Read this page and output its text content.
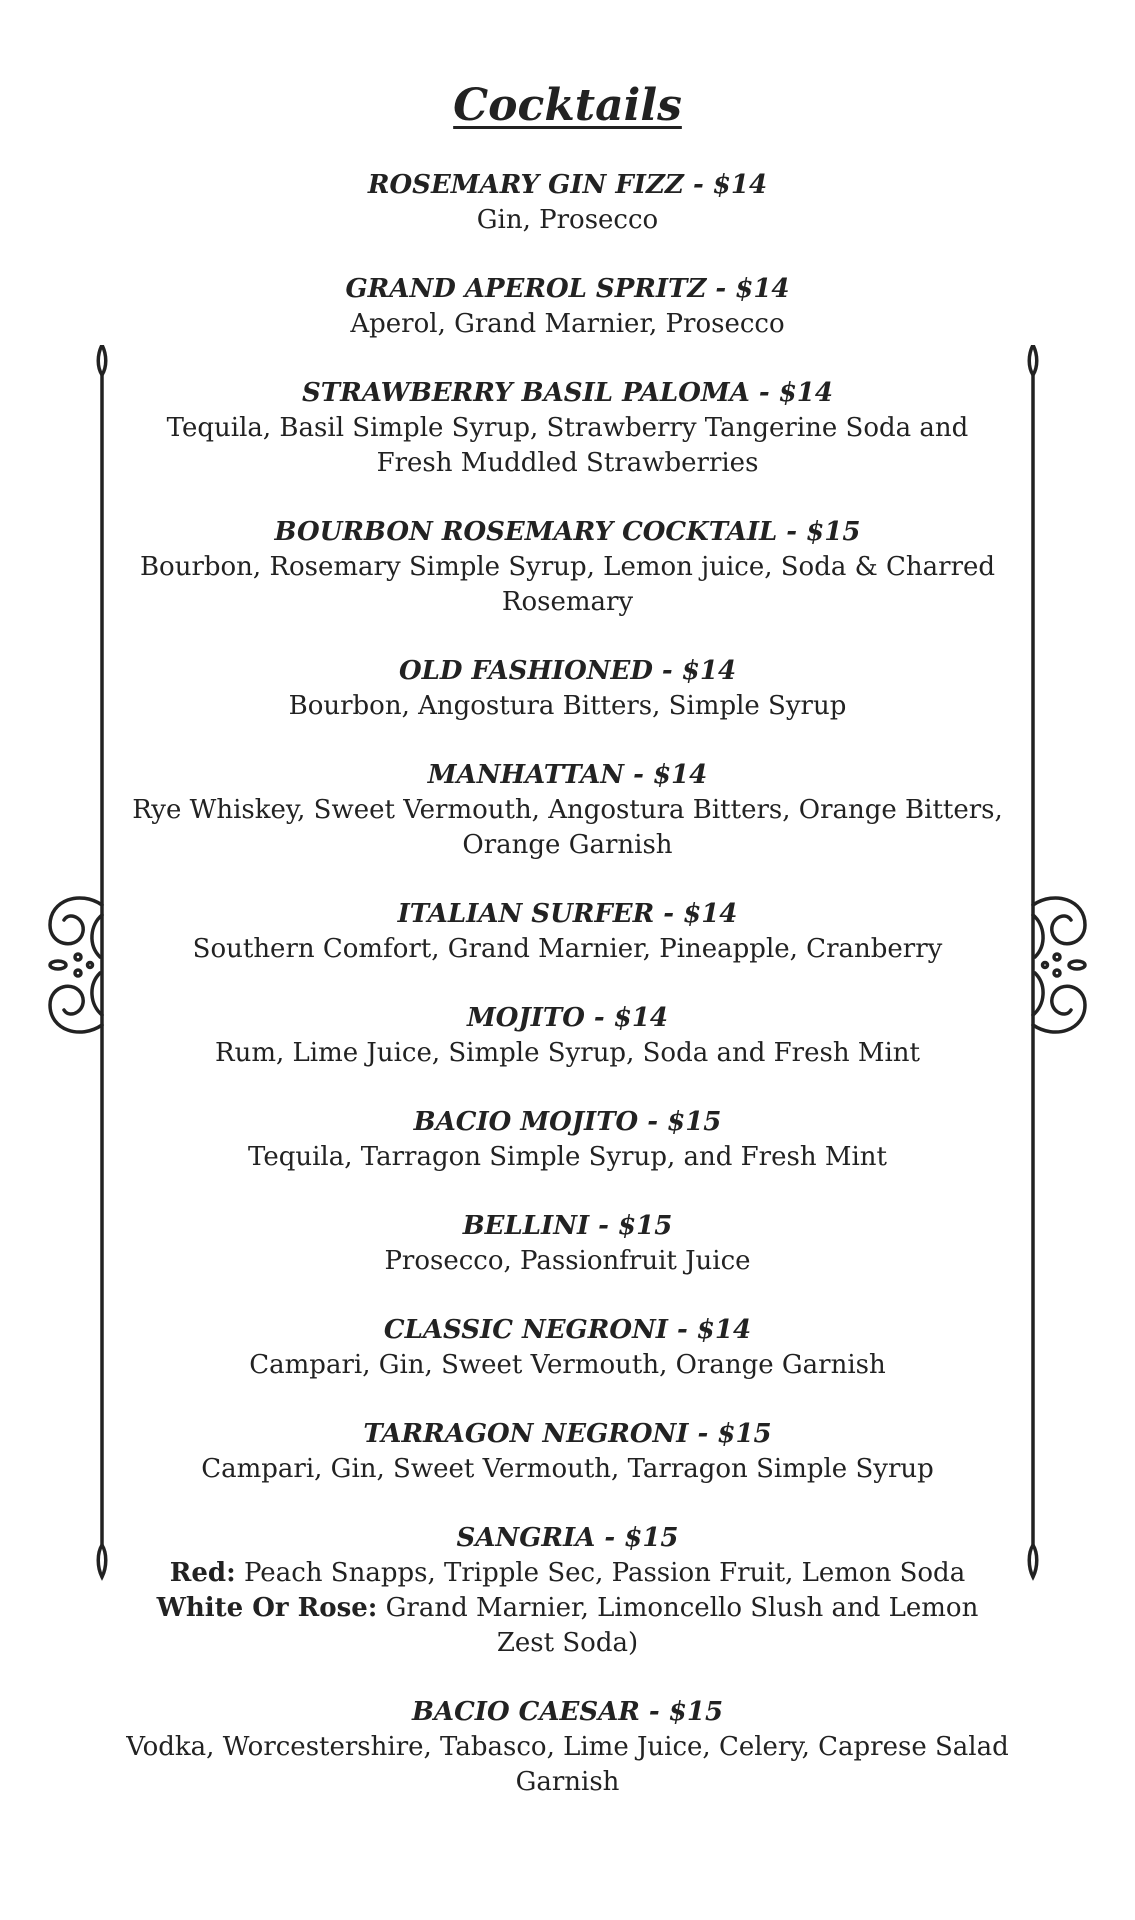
Cocktails
ROSEMARY GIN FIZZ - $14
Gin, Prosecco
GRAND APEROL SPRITZ - $14
Aperol, Grand Marnier, Prosecco
STRAWBERRY BASIL PALOMA - $14
Tequila, Basil Simple Syrup, Strawberry Tangerine Soda and Fresh Muddled Strawberries
BOURBON ROSEMARY COCKTAIL - $15
Bourbon, Rosemary Simple Syrup, Lemon juice, Soda & Charred Rosemary
OLD FASHIONED - $14
Bourbon, Angostura Bitters, Simple Syrup
MANHATTAN - $14
Rye Whiskey, Sweet Vermouth, Angostura Bitters, Orange Bitters, Orange Garnish
ITALIAN SURFER - $14
Southern Comfort, Grand Marnier, Pineapple, Cranberry
MOJITO - $14
Rum, Lime Juice, Simple Syrup, Soda and Fresh Mint
BACIO MOJITO - $15
Tequila, Tarragon Simple Syrup, and Fresh Mint
BELLINI - $15
Prosecco, Passionfruit Juice
CLASSIC NEGRONI - $14
Campari, Gin, Sweet Vermouth, Orange Garnish
TARRAGON NEGRONI - $15
Campari, Gin, Sweet Vermouth, Tarragon Simple Syrup
SANGRIA - $15
Red: Peach Snapps, Tripple Sec, Passion Fruit, Lemon Soda
White Or Rose: Grand Marnier, Limoncello Slush and Lemon Zest Soda)
BACIO CAESAR - $15
Vodka, Worcestershire, Tabasco, Lime Juice, Celery, Caprese Salad Garnish
